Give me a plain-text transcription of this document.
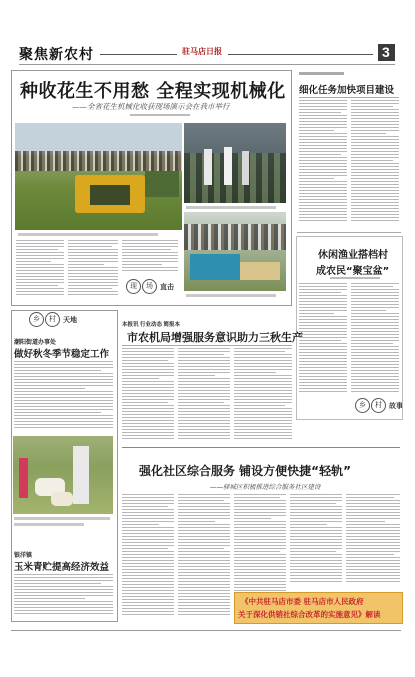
聚焦新农村	驻马店日报	3
种收花生不用愁 全程实现机械化
——全省花生机械化收获现场演示会在我市举行
现	场	直击
细化任务加快项目建设
休闲渔业搭档村
成农民“聚宝盆”
乡	村	故事
乡	村	天地
潮阳街道办事处
做好秋冬季节稳定工作
银洋镇
玉米青贮提高经济效益
本报讯 行业动态 简报本
市农机局增强服务意识助力三秋生产
强化社区综合服务 铺设方便快捷“轻轨”
——驿城区积极推进综合服务社区建设
《中共驻马店市委 驻马店市人民政府
关于深化供销社综合改革的实施意见》解读
